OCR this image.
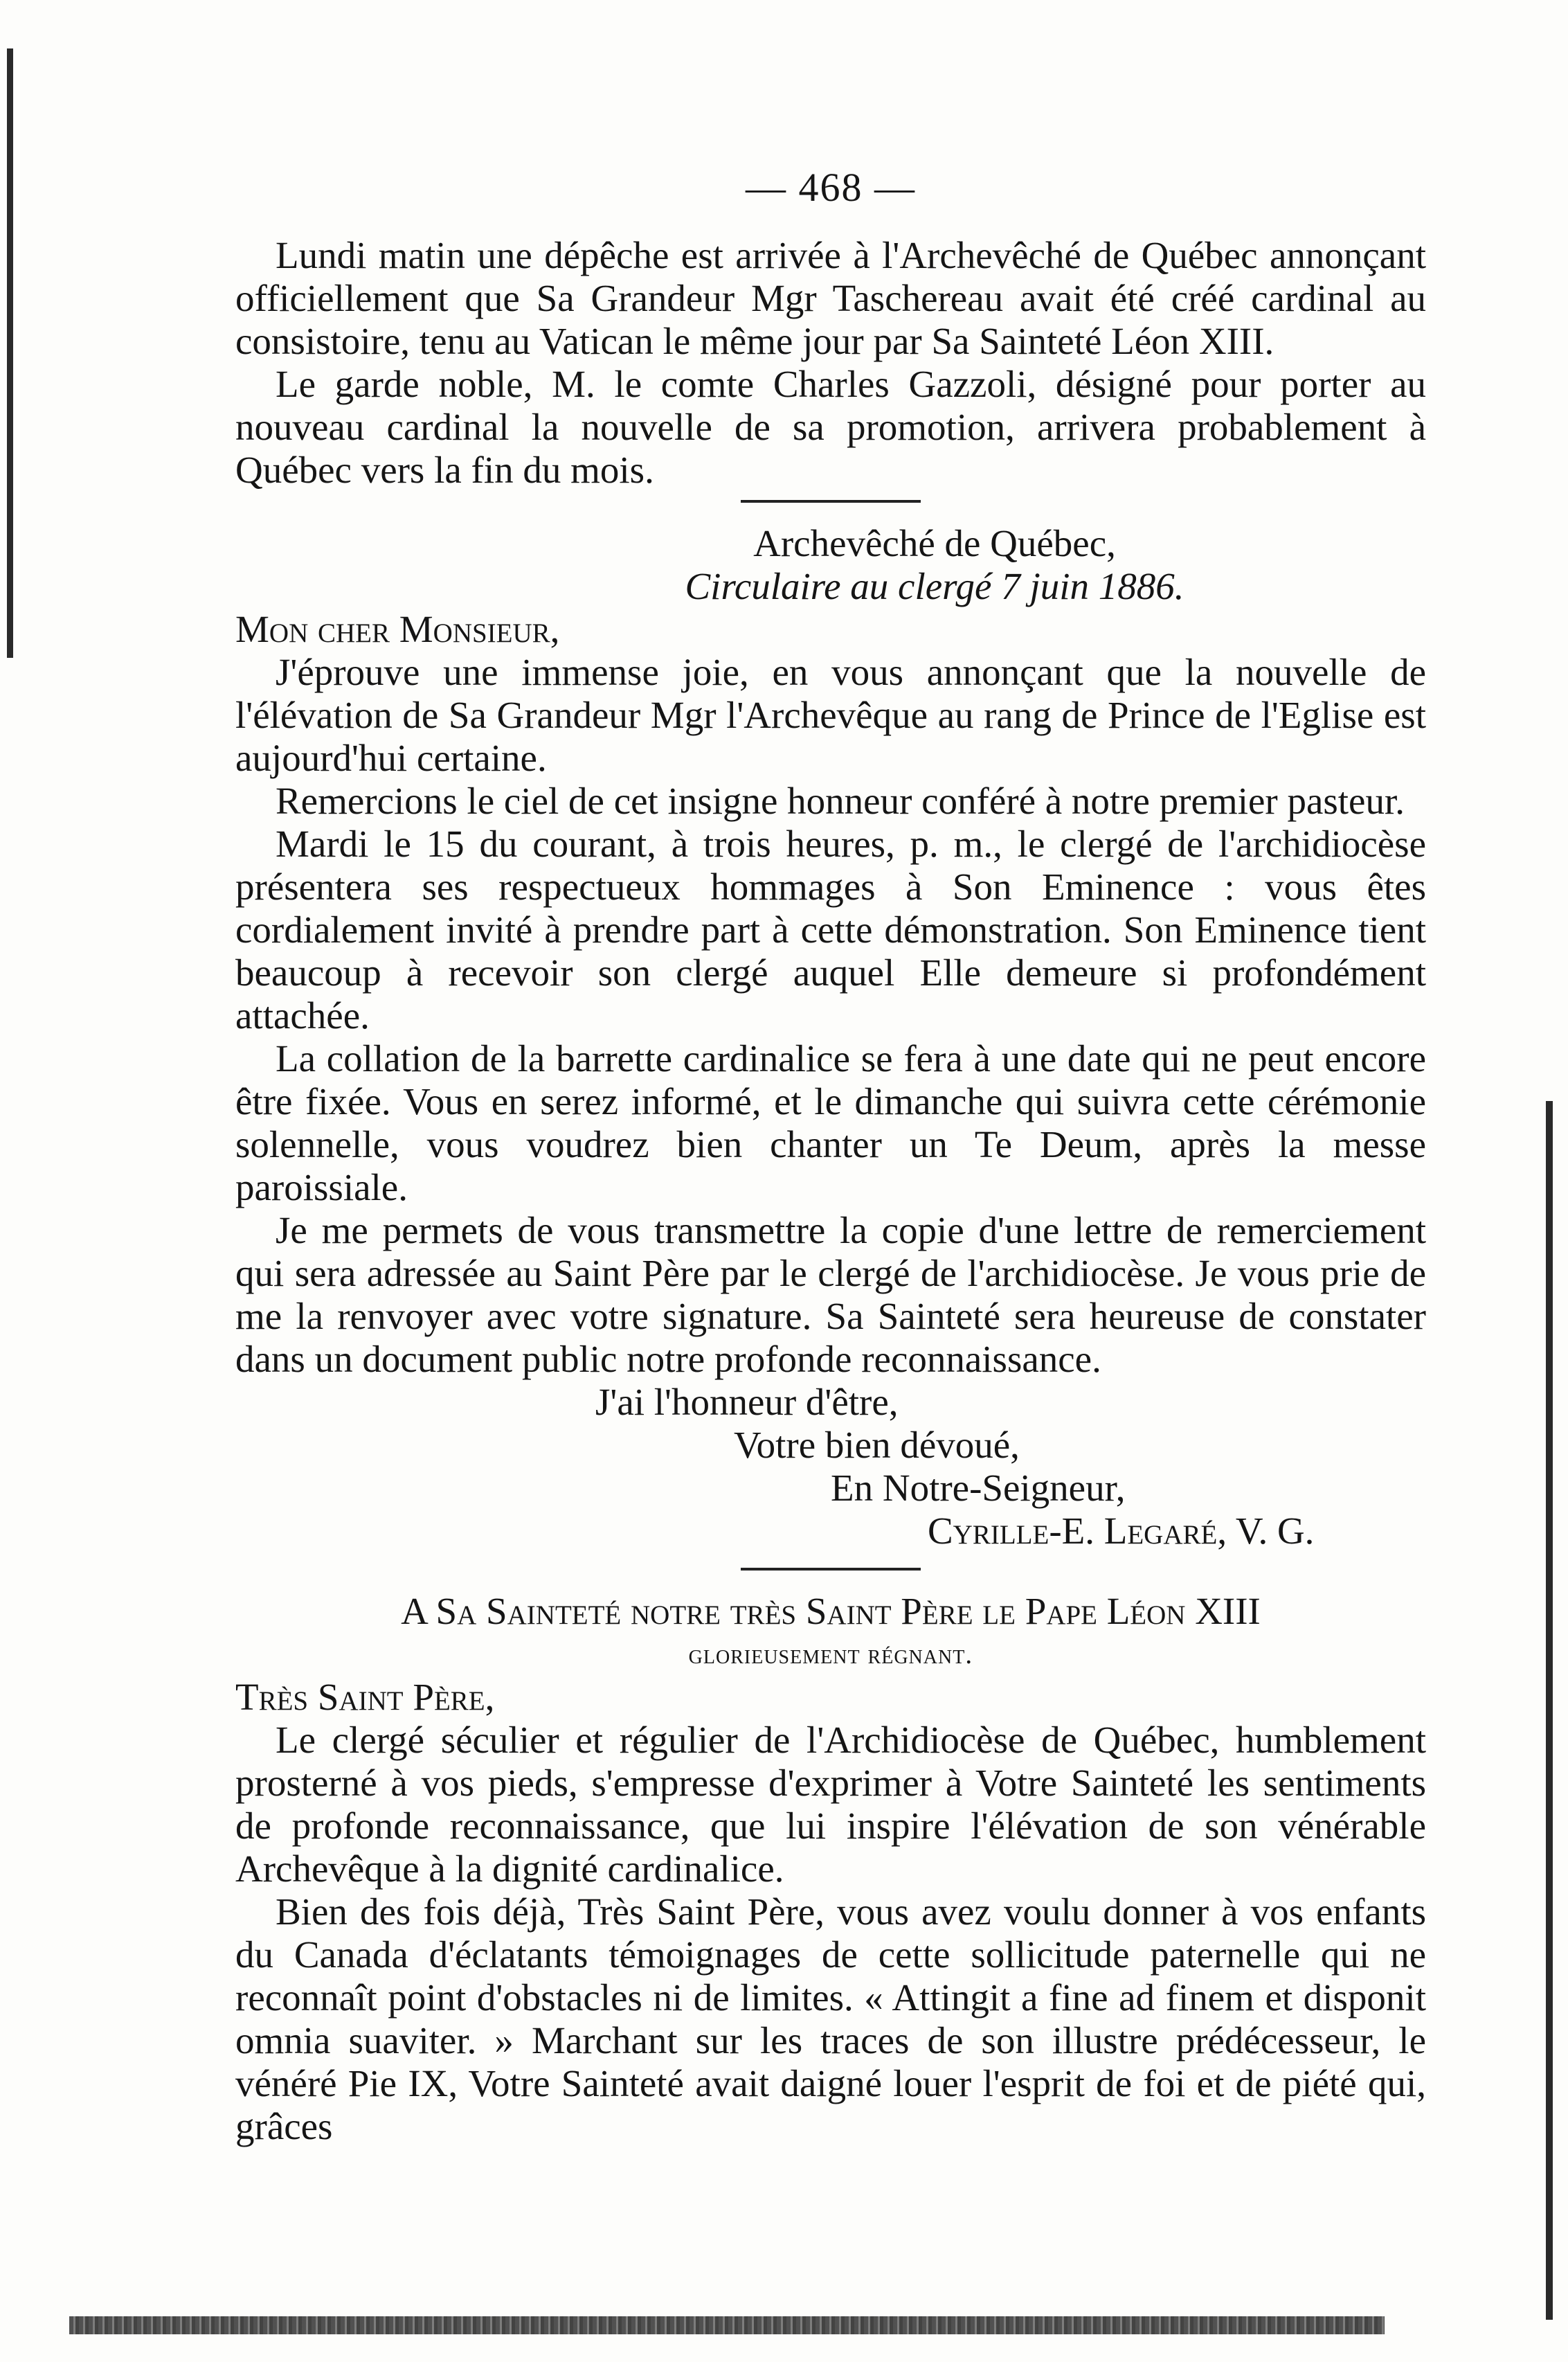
— 468 —

Lundi matin une dépêche est arrivée à l'Archevêché de Québec annonçant officiellement que Sa Grandeur Mgr Taschereau avait été créé cardinal au consistoire, tenu au Vatican le même jour par Sa Sainteté Léon XIII.

Le garde noble, M. le comte Charles Gazzoli, désigné pour porter au nouveau cardinal la nouvelle de sa promotion, arrivera probablement à Québec vers la fin du mois.

Archevêché de Québec,

Circulaire au clergé 7 juin 1886.

Mon cher Monsieur,

J'éprouve une immense joie, en vous annonçant que la nouvelle de l'élévation de Sa Grandeur Mgr l'Archevêque au rang de Prince de l'Eglise est aujourd'hui certaine.

Remercions le ciel de cet insigne honneur conféré à notre premier pasteur.

Mardi le 15 du courant, à trois heures, p. m., le clergé de l'archidiocèse présentera ses respectueux hommages à Son Eminence : vous êtes cordialement invité à prendre part à cette démonstration. Son Eminence tient beaucoup à recevoir son clergé auquel Elle demeure si profondément attachée.

La collation de la barrette cardinalice se fera à une date qui ne peut encore être fixée. Vous en serez informé, et le dimanche qui suivra cette cérémonie solennelle, vous voudrez bien chanter un Te Deum, après la messe paroissiale.

Je me permets de vous transmettre la copie d'une lettre de remerciement qui sera adressée au Saint Père par le clergé de l'archidiocèse. Je vous prie de me la renvoyer avec votre signature. Sa Sainteté sera heureuse de constater dans un document public notre profonde reconnaissance.

J'ai l'honneur d'être,

Votre bien dévoué,

En Notre-Seigneur,

Cyrille-E. Legaré, V. G.

A Sa Sainteté notre très Saint Père le Pape Léon XIII

glorieusement régnant.

Très Saint Père,

Le clergé séculier et régulier de l'Archidiocèse de Québec, humblement prosterné à vos pieds, s'empresse d'exprimer à Votre Sainteté les sentiments de profonde reconnaissance, que lui inspire l'élévation de son vénérable Archevêque à la dignité cardinalice.

Bien des fois déjà, Très Saint Père, vous avez voulu donner à vos enfants du Canada d'éclatants témoignages de cette sollicitude paternelle qui ne reconnaît point d'obstacles ni de limites. « Attingit a fine ad finem et disponit omnia suaviter. » Marchant sur les traces de son illustre prédécesseur, le vénéré Pie IX, Votre Sainteté avait daigné louer l'esprit de foi et de piété qui, grâces
